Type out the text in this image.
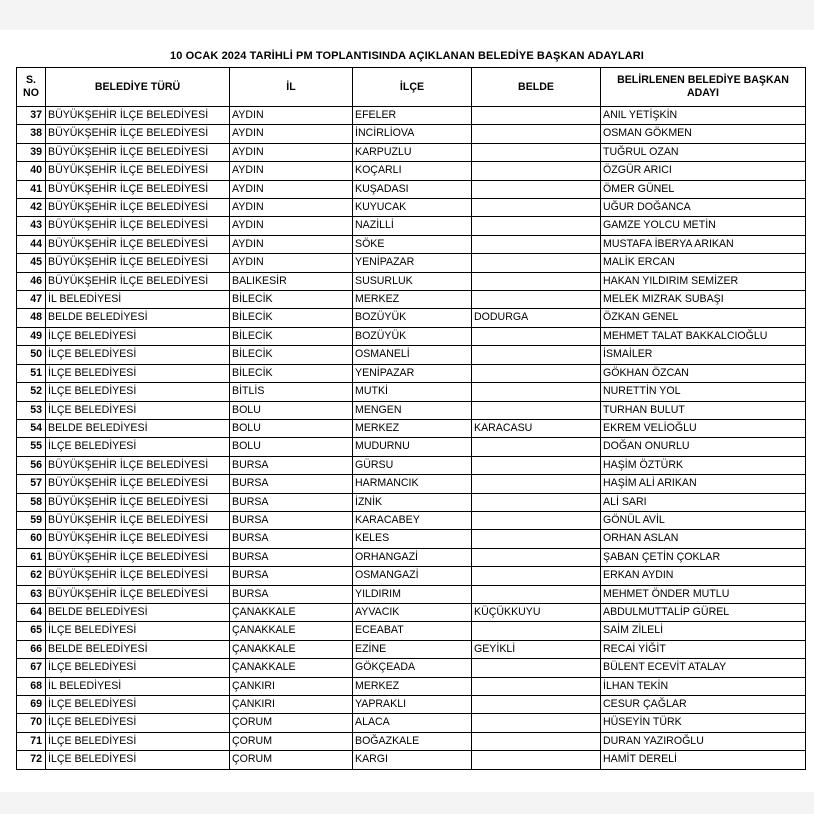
10 OCAK 2024 TARİHLİ PM TOPLANTISINDA AÇIKLANAN BELEDİYE BAŞKAN ADAYLARI
S. NO	BELEDİYE TÜRÜ	İL	İLÇE	BELDE	BELİRLENEN BELEDİYE BAŞKAN ADAYI
37	BÜYÜKŞEHİR İLÇE BELEDİYESİ	AYDIN	EFELER		ANIL YETİŞKİN
38	BÜYÜKŞEHİR İLÇE BELEDİYESİ	AYDIN	İNCİRLİOVA		OSMAN GÖKMEN
39	BÜYÜKŞEHİR İLÇE BELEDİYESİ	AYDIN	KARPUZLU		TUĞRUL OZAN
40	BÜYÜKŞEHİR İLÇE BELEDİYESİ	AYDIN	KOÇARLI		ÖZGÜR ARICI
41	BÜYÜKŞEHİR İLÇE BELEDİYESİ	AYDIN	KUŞADASI		ÖMER GÜNEL
42	BÜYÜKŞEHİR İLÇE BELEDİYESİ	AYDIN	KUYUCAK		UĞUR DOĞANCA
43	BÜYÜKŞEHİR İLÇE BELEDİYESİ	AYDIN	NAZİLLİ		GAMZE YOLCU METİN
44	BÜYÜKŞEHİR İLÇE BELEDİYESİ	AYDIN	SÖKE		MUSTAFA İBERYA ARIKAN
45	BÜYÜKŞEHİR İLÇE BELEDİYESİ	AYDIN	YENİPAZAR		MALİK ERCAN
46	BÜYÜKŞEHİR İLÇE BELEDİYESİ	BALIKESİR	SUSURLUK		HAKAN YILDIRIM SEMİZER
47	İL BELEDİYESİ	BİLECİK	MERKEZ		MELEK MIZRAK SUBAŞI
48	BELDE BELEDİYESİ	BİLECİK	BOZÜYÜK	DODURGA	ÖZKAN GENEL
49	İLÇE BELEDİYESİ	BİLECİK	BOZÜYÜK		MEHMET TALAT BAKKALCIOĞLU
50	İLÇE BELEDİYESİ	BİLECİK	OSMANELİ		İSMAİLER
51	İLÇE BELEDİYESİ	BİLECİK	YENİPAZAR		GÖKHAN ÖZCAN
52	İLÇE BELEDİYESİ	BİTLİS	MUTKİ		NURETTİN YOL
53	İLÇE BELEDİYESİ	BOLU	MENGEN		TURHAN BULUT
54	BELDE BELEDİYESİ	BOLU	MERKEZ	KARACASU	EKREM VELİOĞLU
55	İLÇE BELEDİYESİ	BOLU	MUDURNU		DOĞAN ONURLU
56	BÜYÜKŞEHİR İLÇE BELEDİYESİ	BURSA	GÜRSU		HAŞİM ÖZTÜRK
57	BÜYÜKŞEHİR İLÇE BELEDİYESİ	BURSA	HARMANCIK		HAŞİM ALİ ARIKAN
58	BÜYÜKŞEHİR İLÇE BELEDİYESİ	BURSA	İZNİK		ALİ SARI
59	BÜYÜKŞEHİR İLÇE BELEDİYESİ	BURSA	KARACABEY		GÖNÜL AVİL
60	BÜYÜKŞEHİR İLÇE BELEDİYESİ	BURSA	KELES		ORHAN ASLAN
61	BÜYÜKŞEHİR İLÇE BELEDİYESİ	BURSA	ORHANGAZİ		ŞABAN ÇETİN ÇOKLAR
62	BÜYÜKŞEHİR İLÇE BELEDİYESİ	BURSA	OSMANGAZİ		ERKAN AYDIN
63	BÜYÜKŞEHİR İLÇE BELEDİYESİ	BURSA	YILDIRIM		MEHMET ÖNDER MUTLU
64	BELDE BELEDİYESİ	ÇANAKKALE	AYVACIK	KÜÇÜKKUYU	ABDULMUTTALİP GÜREL
65	İLÇE BELEDİYESİ	ÇANAKKALE	ECEABAT		SAİM ZİLELİ
66	BELDE BELEDİYESİ	ÇANAKKALE	EZİNE	GEYİKLİ	RECAİ YİĞİT
67	İLÇE BELEDİYESİ	ÇANAKKALE	GÖKÇEADA		BÜLENT ECEVİT ATALAY
68	İL BELEDİYESİ	ÇANKIRI	MERKEZ		İLHAN TEKİN
69	İLÇE BELEDİYESİ	ÇANKIRI	YAPRAKLI		CESUR ÇAĞLAR
70	İLÇE BELEDİYESİ	ÇORUM	ALACA		HÜSEYİN TÜRK
71	İLÇE BELEDİYESİ	ÇORUM	BOĞAZKALE		DURAN YAZIROĞLU
72	İLÇE BELEDİYESİ	ÇORUM	KARGI		HAMİT DERELİ
